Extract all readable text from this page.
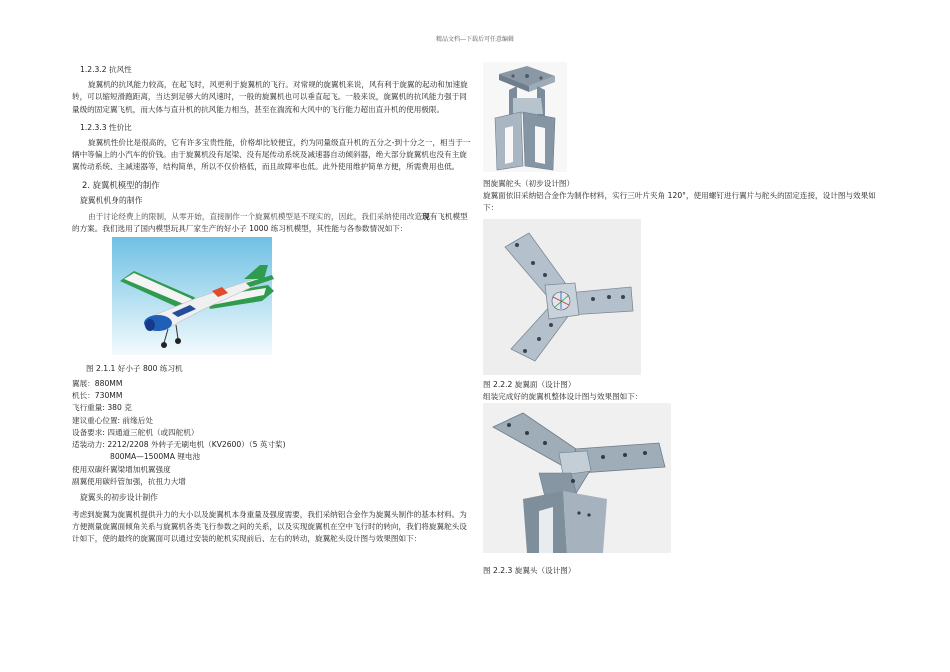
精品文档---下载后可任意编辑

1.2.3.2 抗风性

旋翼机的抗风能力较高，在起飞时，风更利于旋翼机的飞行。对常规的旋翼机来说，风有利于旋翼的起动和加速旋转，可以缩短滑跑距离，当达到足够大的风速时，一般的旋翼机也可以垂直起飞。一般来说，旋翼机的抗风能力强于同量级的固定翼飞机，而大体与直升机的抗风能力相当，甚至在湍流和大风中的飞行能力超出直升机的使用极限。

1.2.3.3 性价比

旋翼机性价比是很高的，它有许多宝贵性能，价格却比较便宜，约为同量级直升机的五分之-到十分之一，相当于一辆中等偏上的小汽车的价钱。由于旋翼机没有尾梁、没有尾传动系统及减速器自动倾斜器，绝大部分旋翼机也没有主旋翼传动系统、主减速器等，结构简单，所以不仅价格低，而且故障率也低。此外使用维护简单方便，所需费用也低。

2. 旋翼机模型的制作

旋翼机机身的制作

由于讨论经费上的限制，从零开始，直接制作一个旋翼机模型是不现实的，因此，我们采纳使用改造现有飞机模型的方案。我们选用了国内模型玩具厂家生产的好小子 1000 练习机模型，其性能与各参数情况如下：

图 2.1.1 好小子 800 练习机

翼展：880MM

机长：730MM

飞行重量: 380 克

建议重心位置: 前缘后处

设备要求: 四通道三舵机（或四舵机）

适装动力: 2212/2208 外转子无刷电机（KV2600）（5 英寸桨)

800MA—1500MA 锂电池

使用双碳纤翼梁增加机翼强度

副翼使用碳纤管加强，抗扭力大增

旋翼头的初步设计制作

考虑到旋翼为旋翼机提供升力的大小以及旋翼机本身重量及强度需要，我们采纳铝合金作为旋翼头制作的基本材料。为方便测量旋翼面倾角关系与旋翼机各类飞行参数之间的关系，以及实现旋翼机在空中飞行时的转向，我们将旋翼舵头设计如下，使的最终的旋翼面可以通过安装的舵机实现前后、左右的转动，旋翼舵头设计图与效果图如下：

图旋翼舵头（初步设计图）

旋翼面依旧采纳铝合金作为制作材料，实行三叶片夹角 120°，使用螺钉进行翼片与舵头的固定连接，设计图与效果如下：

图 2.2.2 旋翼面（设计图）

组装完成好的旋翼机整体设计图与效果图如下：

图 2.2.3 旋翼头（设计图）
